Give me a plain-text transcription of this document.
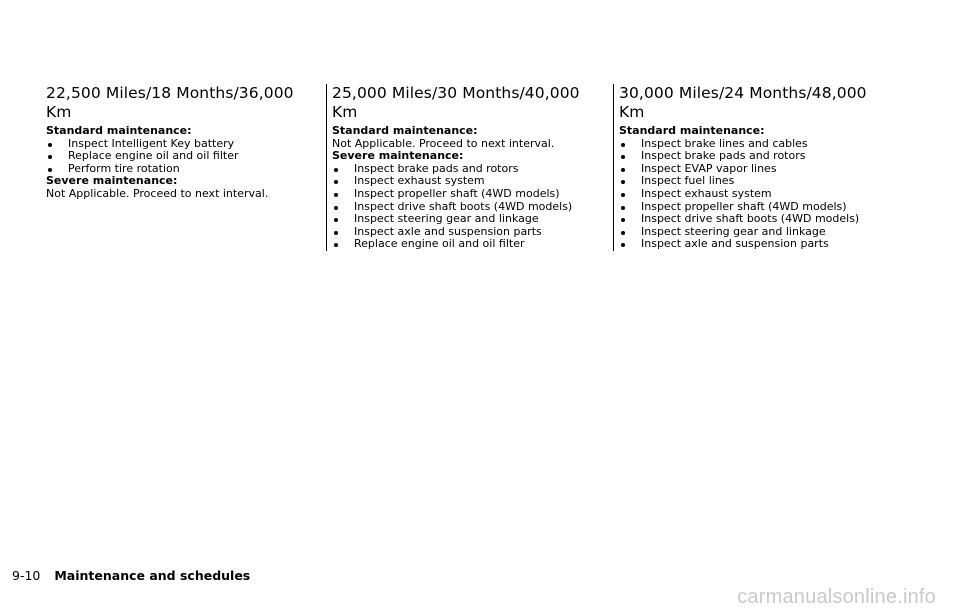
22,500 Miles/18 Months/36,000 Km
Standard maintenance:
Inspect Intelligent Key battery
Replace engine oil and oil filter
Perform tire rotation
Severe maintenance:

Not Applicable. Proceed to next interval.

25,000 Miles/30 Months/40,000 Km
Standard maintenance:

Not Applicable. Proceed to next interval.

Severe maintenance:
Inspect brake pads and rotors
Inspect exhaust system
Inspect propeller shaft (4WD models)
Inspect drive shaft boots (4WD models)
Inspect steering gear and linkage
Inspect axle and suspension parts
Replace engine oil and oil filter
30,000 Miles/24 Months/48,000 Km
Standard maintenance:
Inspect brake lines and cables
Inspect brake pads and rotors
Inspect EVAP vapor lines
Inspect fuel lines
Inspect exhaust system
Inspect propeller shaft (4WD models)
Inspect drive shaft boots (4WD models)
Inspect steering gear and linkage
Inspect axle and suspension parts
9-10 Maintenance and schedules
carmanualsonline.info
